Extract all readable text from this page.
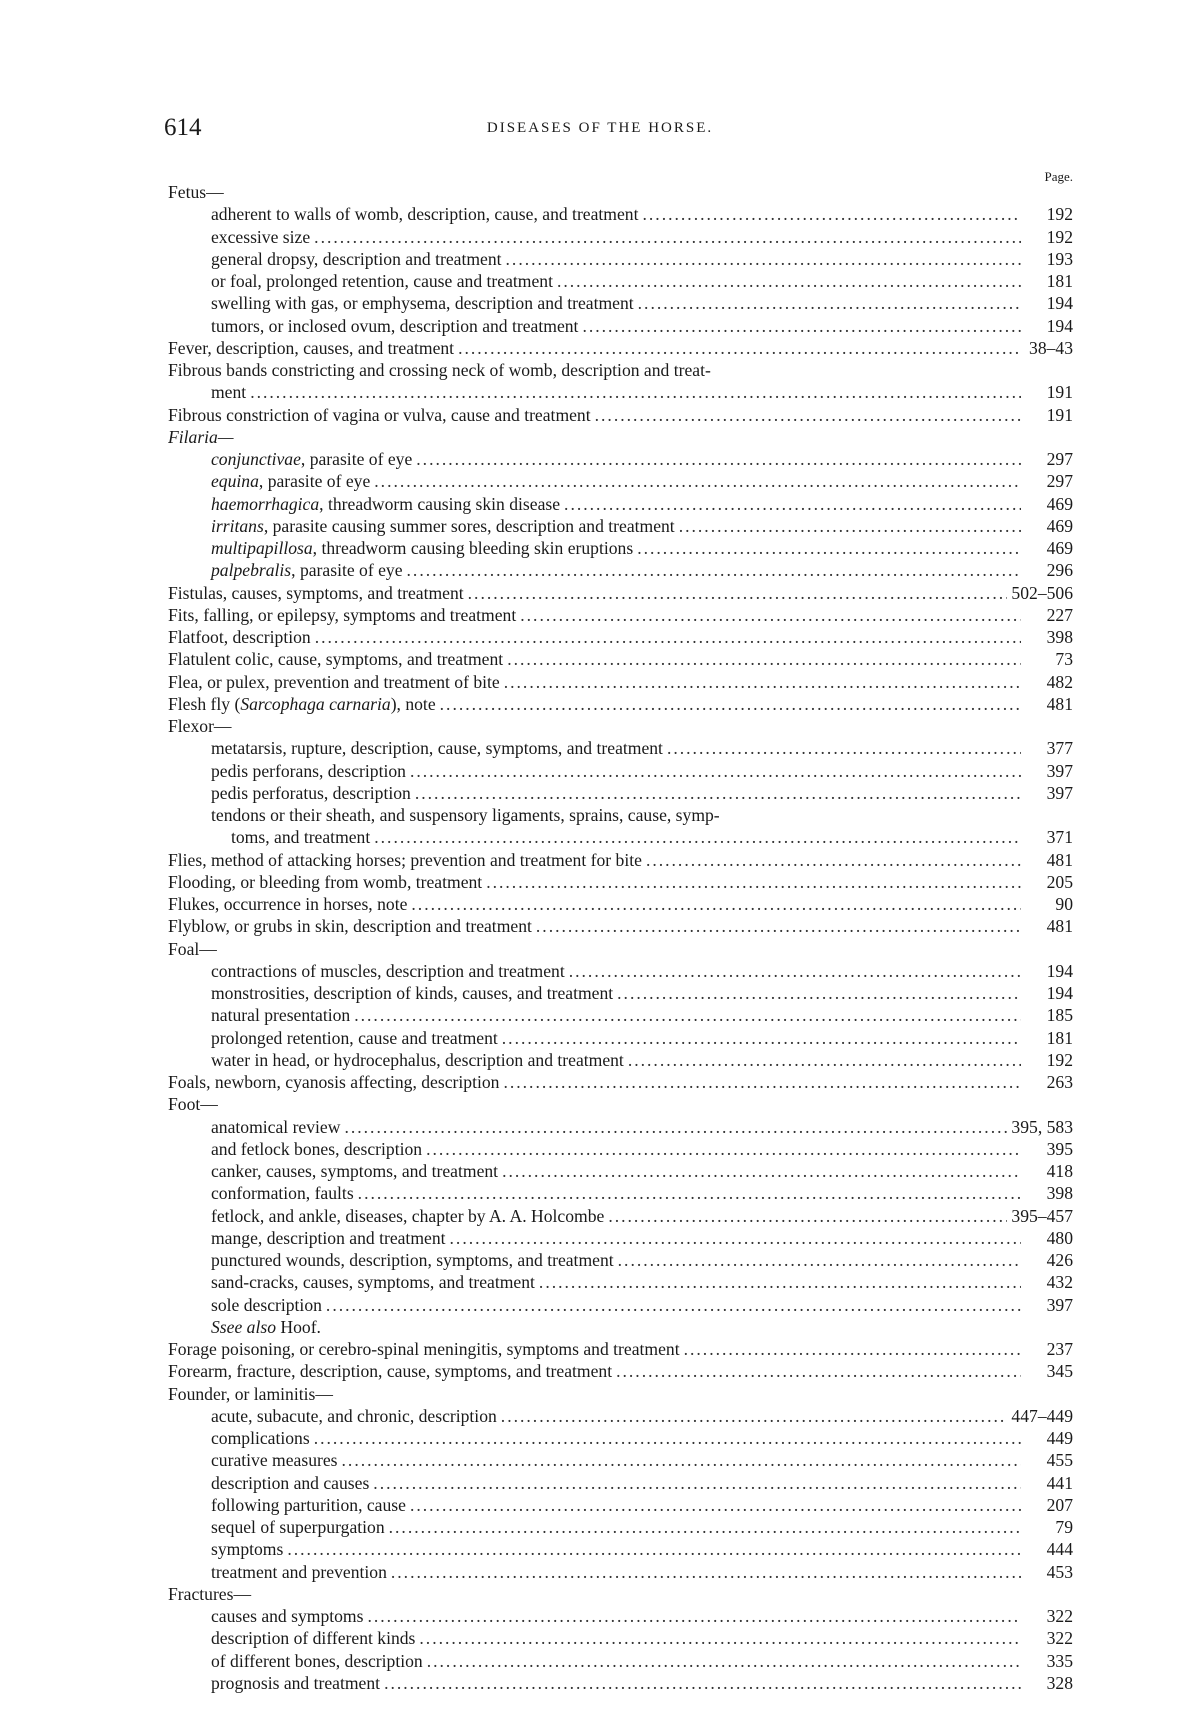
614	DISEASES OF THE HORSE.
Page.
Fetus—
adherent to walls of womb, description, cause, and treatment .....	192
excessive size .....	192
general dropsy, description and treatment .....	193
or foal, prolonged retention, cause and treatment .....	181
swelling with gas, or emphysema, description and treatment .....	194
tumors, or inclosed ovum, description and treatment .....	194
Fever, description, causes, and treatment .....	38–43
Fibrous bands constricting and crossing neck of womb, description and treat-
ment .....	191
Fibrous constriction of vagina or vulva, cause and treatment .....	191
Filaria—
conjunctivae, parasite of eye .....	297
equina, parasite of eye .....	297
haemorrhagica, threadworm causing skin disease .....	469
irritans, parasite causing summer sores, description and treatment .....	469
multipapillosa, threadworm causing bleeding skin eruptions .....	469
palpebralis, parasite of eye .....	296
Fistulas, causes, symptoms, and treatment .....	502–506
Fits, falling, or epilepsy, symptoms and treatment .....	227
Flatfoot, description .....	398
Flatulent colic, cause, symptoms, and treatment .....	73
Flea, or pulex, prevention and treatment of bite .....	482
Flesh fly (Sarcophaga carnaria), note .....	481
Flexor—
metatarsis, rupture, description, cause, symptoms, and treatment .....	377
pedis perforans, description .....	397
pedis perforatus, description .....	397
tendons or their sheath, and suspensory ligaments, sprains, cause, symp-
toms, and treatment .....	371
Flies, method of attacking horses; prevention and treatment for bite .....	481
Flooding, or bleeding from womb, treatment .....	205
Flukes, occurrence in horses, note .....	90
Flyblow, or grubs in skin, description and treatment .....	481
Foal—
contractions of muscles, description and treatment .....	194
monstrosities, description of kinds, causes, and treatment .....	194
natural presentation .....	185
prolonged retention, cause and treatment .....	181
water in head, or hydrocephalus, description and treatment .....	192
Foals, newborn, cyanosis affecting, description .....	263
Foot—
anatomical review .....	395, 583
and fetlock bones, description .....	395
canker, causes, symptoms, and treatment .....	418
conformation, faults .....	398
fetlock, and ankle, diseases, chapter by A. A. Holcombe .....	395–457
mange, description and treatment .....	480
punctured wounds, description, symptoms, and treatment .....	426
sand-cracks, causes, symptoms, and treatment .....	432
sole description .....	397
Ssee also Hoof.
Forage poisoning, or cerebro-spinal meningitis, symptoms and treatment .....	237
Forearm, fracture, description, cause, symptoms, and treatment .....	345
Founder, or laminitis—
acute, subacute, and chronic, description .....	447–449
complications .....	449
curative measures .....	455
description and causes .....	441
following parturition, cause .....	207
sequel of superpurgation .....	79
symptoms .....	444
treatment and prevention .....	453
Fractures—
causes and symptoms .....	322
description of different kinds .....	322
of different bones, description .....	335
prognosis and treatment .....	328
